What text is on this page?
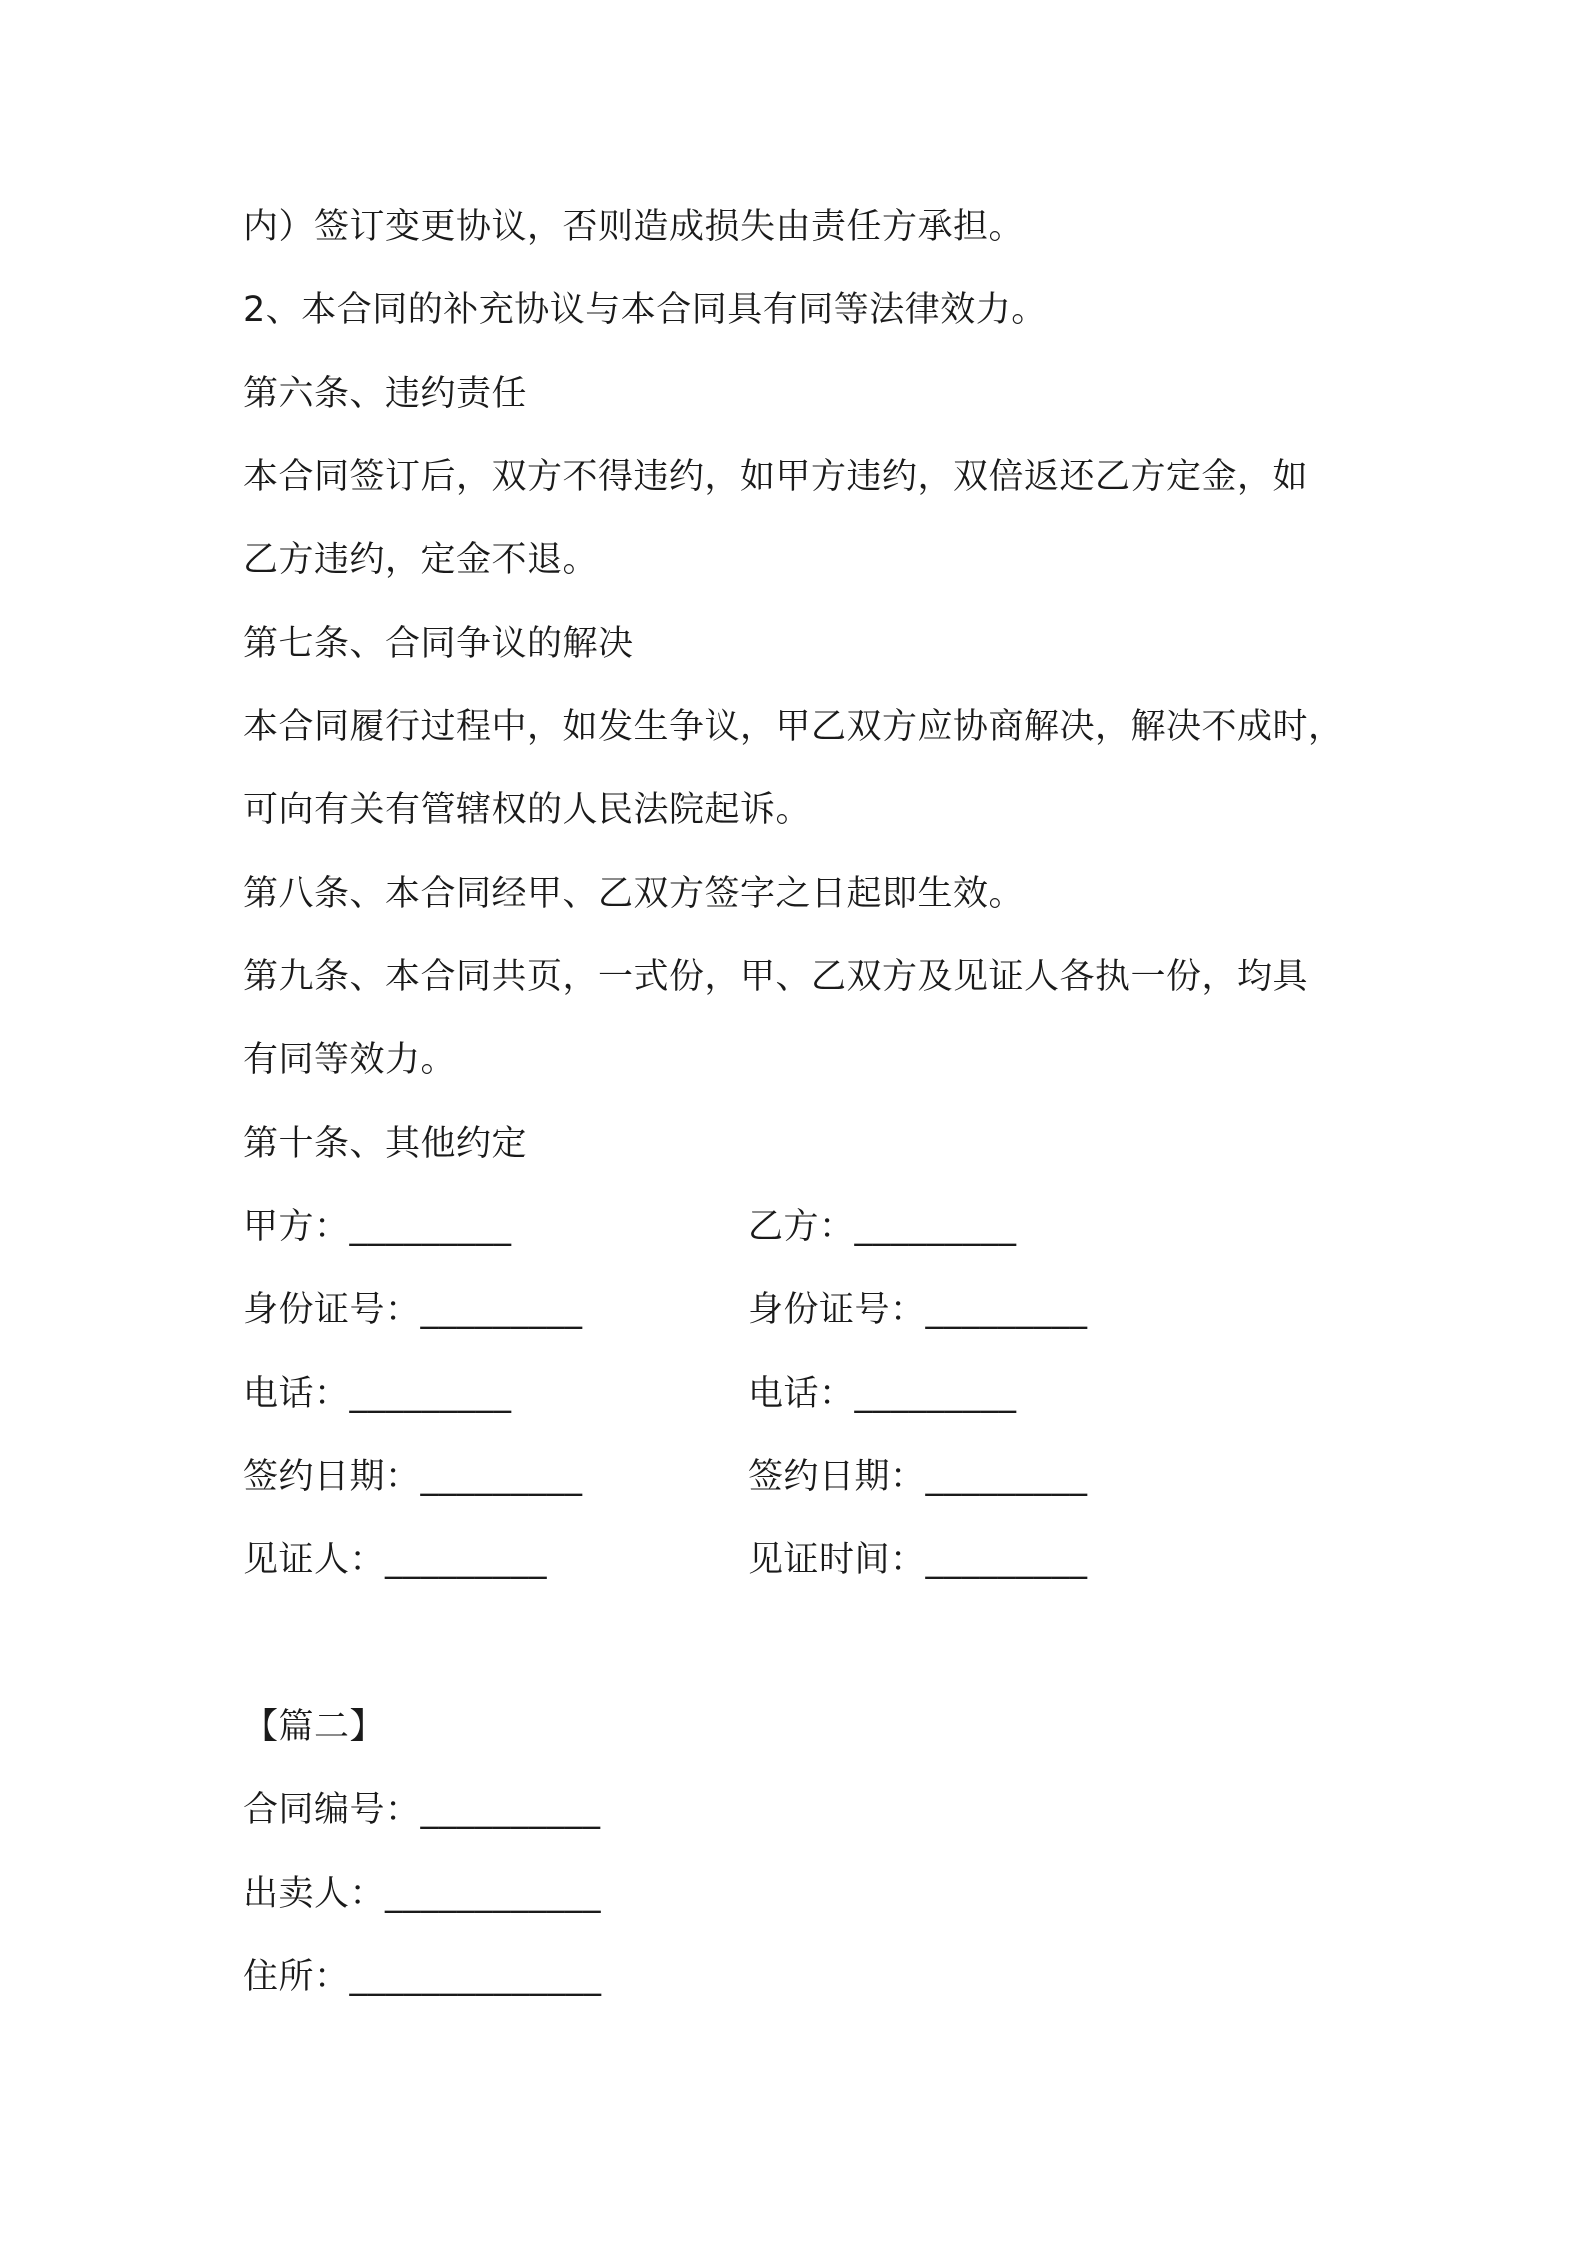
内）签订变更协议，否则造成损失由责任方承担。
2、本合同的补充协议与本合同具有同等法律效力。
第六条、违约责任
本合同签订后，双方不得违约，如甲方违约，双倍返还乙方定金，如
乙方违约，定金不退。
第七条、合同争议的解决
本合同履行过程中，如发生争议，甲乙双方应协商解决，解决不成时，
可向有关有管辖权的人民法院起诉。
第八条、本合同经甲、乙双方签字之日起即生效。
第九条、本合同共页，一式份，甲、乙双方及见证人各执一份，均具
有同等效力。
第十条、其他约定
甲方：_________	乙方：_________
身份证号：_________	身份证号：_________
电话：_________	电话：_________
签约日期：_________	签约日期：_________
见证人：_________	见证时间：_________
【篇二】
合同编号：__________
出卖人：____________
住所：______________
